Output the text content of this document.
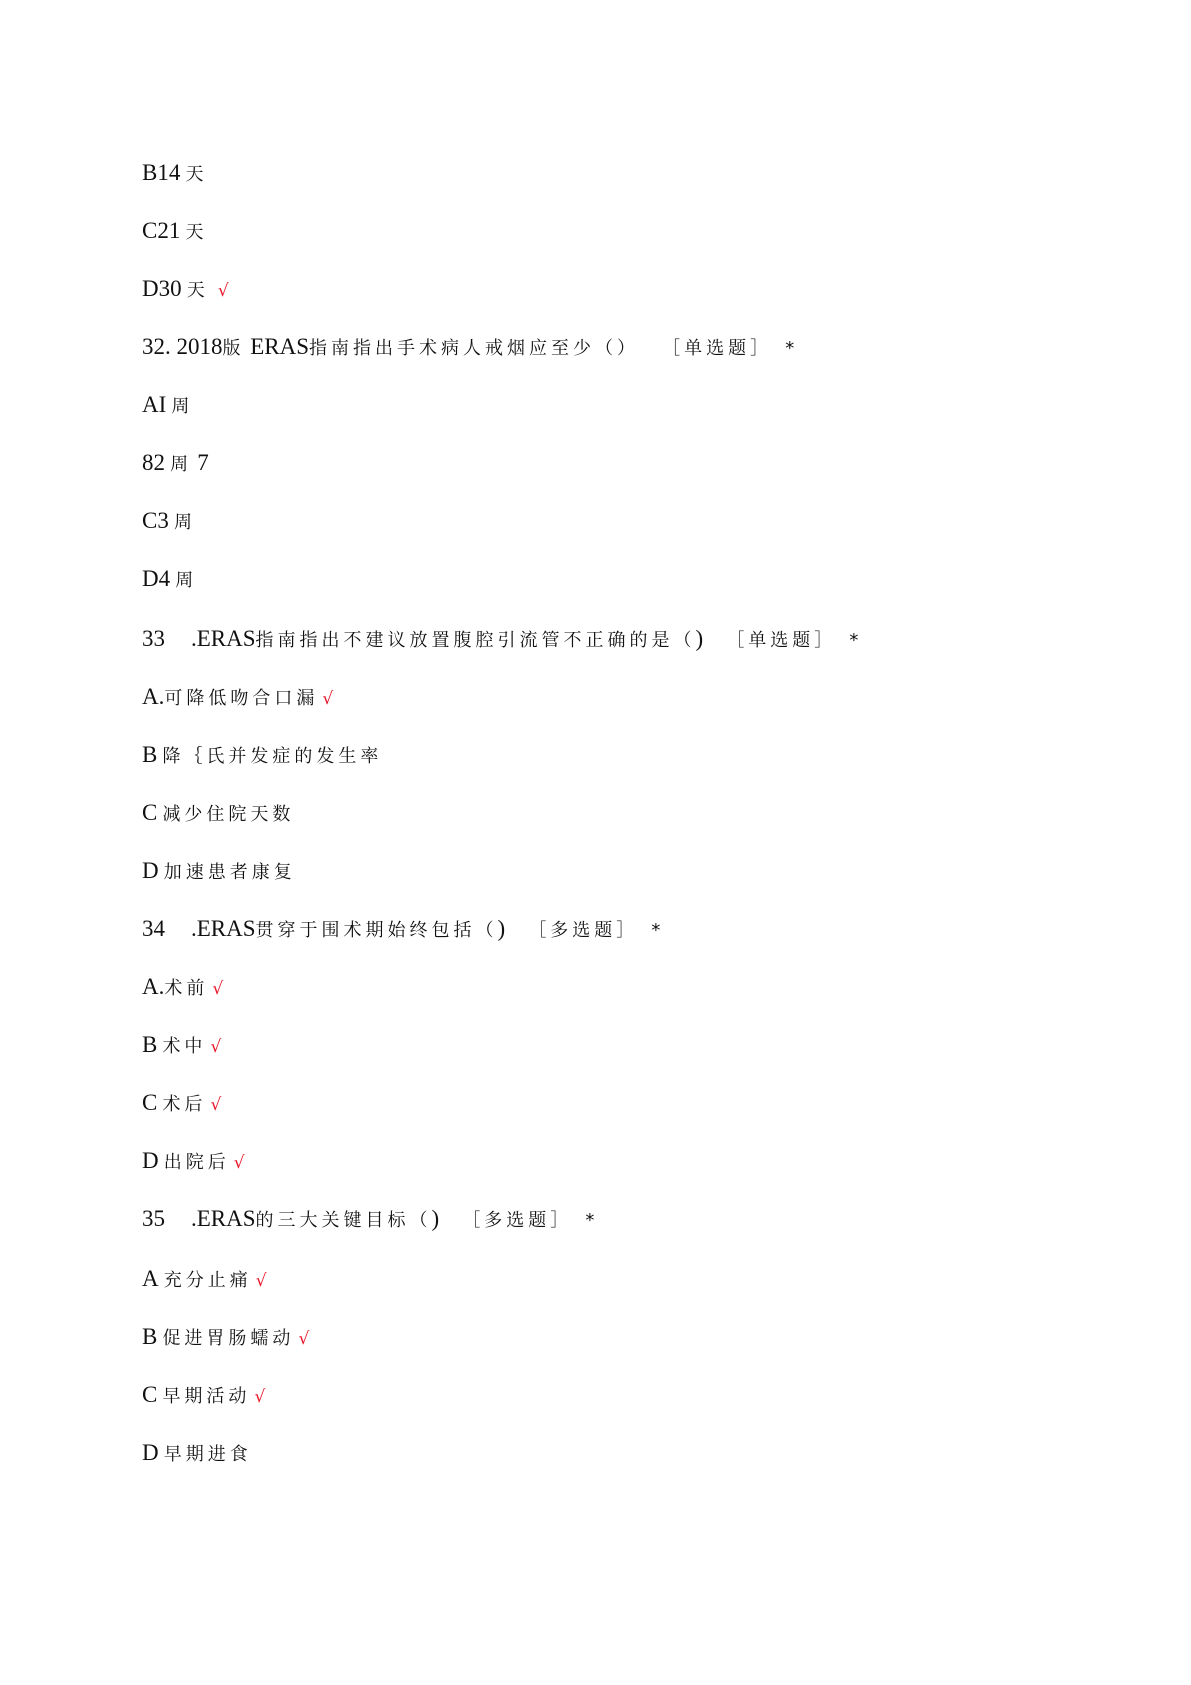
B14 天
C21 天
D30 天 √
32. 2018版 ERAS指南指出手术病人戒烟应至少（） ［单选题］ *
AI 周
82 周 7
C3 周
D4 周
33 .ERAS指南指出不建议放置腹腔引流管不正确的是（) ［单选题］ *
A.可降低吻合口漏 √
B 降｛氏并发症的发生率
C 减少住院天数
D 加速患者康复
34 .ERAS贯穿于围术期始终包括（) ［多选题］ *
A.术前 √
B 术中 √
C 术后 √
D 出院后 √
35 .ERAS的三大关键目标（) ［多选题］ *
A 充分止痛 √
B 促进胃肠蠕动 √
C 早期活动 √
D 早期进食
